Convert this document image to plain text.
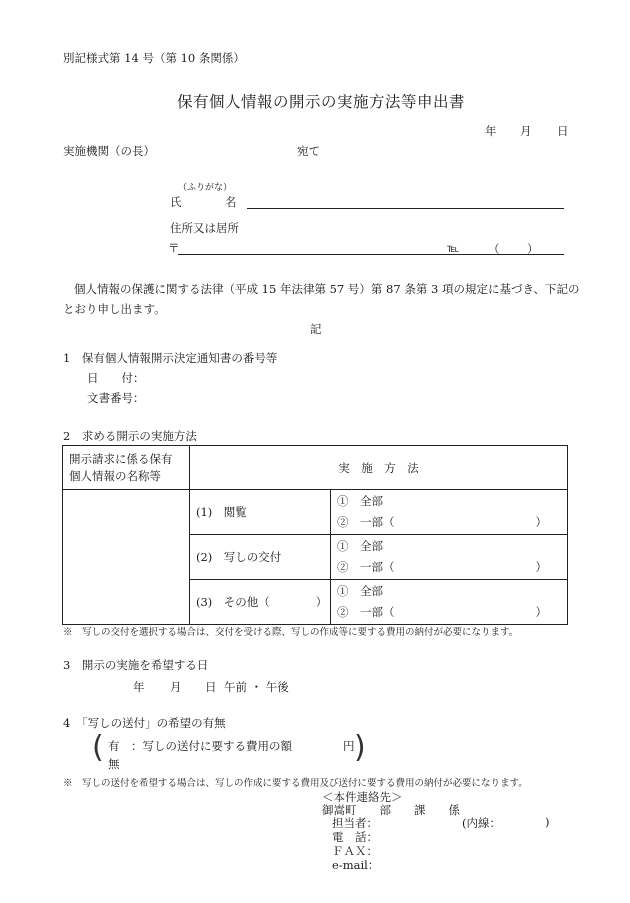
別記様式第 14 号（第 10 条関係）
保有個人情報の開示の実施方法等申出書
年 月 日
実施機関（の長）	宛て
（ふりがな）
氏	名
住所又は居所
〒	℡ （ ）
個人情報の保護に関する法律（平成 15 年法律第 57 号）第 87 条第 3 項の規定に基づき、下記の
とおり申し出ます。
記
1　保有個人情報開示決定通知書の番号等
日　　付：
文書番号：
2　求める開示の実施方法
開示請求に係る保有
個人情報の名称等	実　施　方　法	
	(1)　閲覧	①　全部
②　一部（ ）

	(2)　写しの交付	①　全部
②　一部（ ）

	(3)　その他（　　　　）	①　全部
②　一部（ ）
※　写しの交付を選択する場合は、交付を受ける際、写しの作成等に要する費用の納付が必要になります。
3　開示の実施を希望する日
年 月 日 午前 ・ 午後
4　「写しの送付」の希望の有無
( 有　：写しの送付に要する費用の額	円
無	)
※　写しの送付を希望する場合は、写しの作成に要する費用及び送付に要する費用の納付が必要になります。
＜本件連絡先＞
御嵩町　　部　　課　　係
担当者：	(内線：	)
電　話：
ＦＡＸ：
e-mail：
